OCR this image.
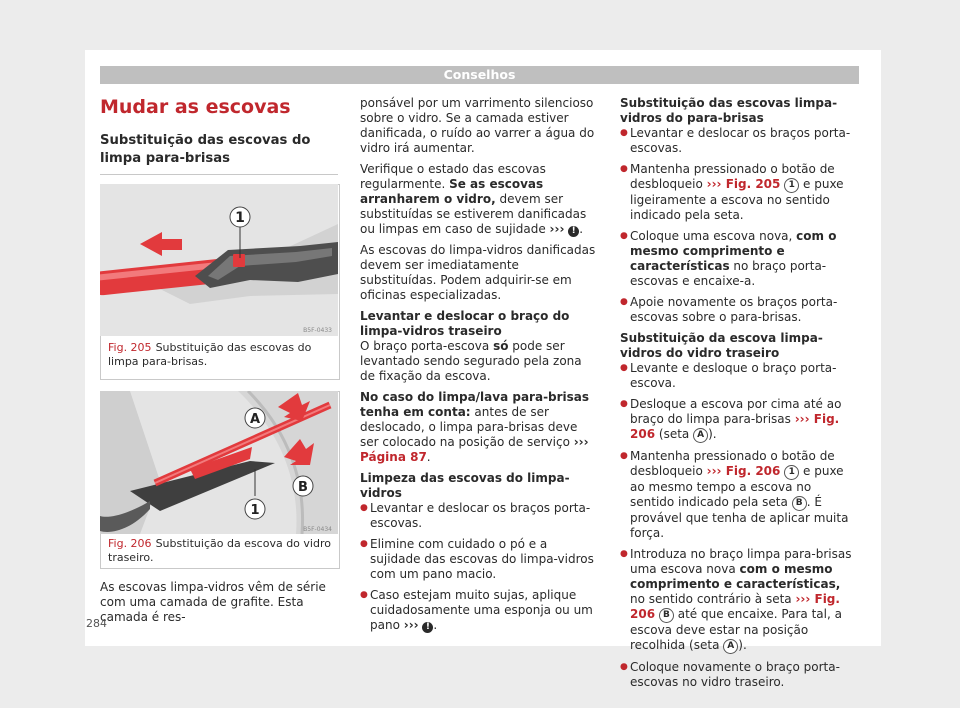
Conselhos
Mudar as escovas
Substituição das escovas do limpa para-brisas
1
B5F-0433
Fig. 205 Substituição das escovas do limpa para-brisas.
A
B
1
B5F-0434
Fig. 206 Substituição da escova do vidro traseiro.

As escovas limpa-vidros vêm de série com uma camada de grafite. Esta camada é res-

ponsável por um varrimento silencioso sobre o vidro. Se a camada estiver danificada, o ruído ao varrer a água do vidro irá aumentar.

Verifique o estado das escovas regularmente. Se as escovas arranharem o vidro, devem ser substituídas se estiverem danificadas ou limpas em caso de sujidade ››› ! .

As escovas do limpa-vidros danificadas devem ser imediatamente substituídas. Podem adquirir-se em oficinas especializadas.

Levantar e deslocar o braço do limpa-vidros traseiro

O braço porta-escova só pode ser levantado sendo segurado pela zona de fixação da escova.

No caso do limpa/lava para-brisas tenha em conta: antes de ser deslocado, o limpa para-brisas deve ser colocado na posição de serviço ››› Página 87.

Limpeza das escovas do limpa-vidros

● Levantar e deslocar os braços porta-escovas.

● Elimine com cuidado o pó e a sujidade das escovas do limpa-vidros com um pano macio.

● Caso estejam muito sujas, aplique cuidadosamente uma esponja ou um pano ››› ! .

Substituição das escovas limpa-vidros do para-brisas

● Levantar e deslocar os braços porta-escovas.

● Mantenha pressionado o botão de desbloqueio ››› Fig. 205 1 e puxe ligeiramente a escova no sentido indicado pela seta.

● Coloque uma escova nova, com o mesmo comprimento e características no braço porta-escovas e encaixe-a.

● Apoie novamente os braços porta-escovas sobre o para-brisas.

Substituição da escova limpa-vidros do vidro traseiro

● Levante e desloque o braço porta-escova.

● Desloque a escova por cima até ao braço do limpa para-brisas ››› Fig. 206 (seta A ).

● Mantenha pressionado o botão de desbloqueio ››› Fig. 206 1 e puxe ao mesmo tempo a escova no sentido indicado pela seta B . É provável que tenha de aplicar muita força.

● Introduza no braço limpa para-brisas uma escova nova com o mesmo comprimento e características, no sentido contrário à seta ››› Fig. 206 B até que encaixe. Para tal, a escova deve estar na posição recolhida (seta A ).

● Coloque novamente o braço porta-escovas no vidro traseiro.

284
